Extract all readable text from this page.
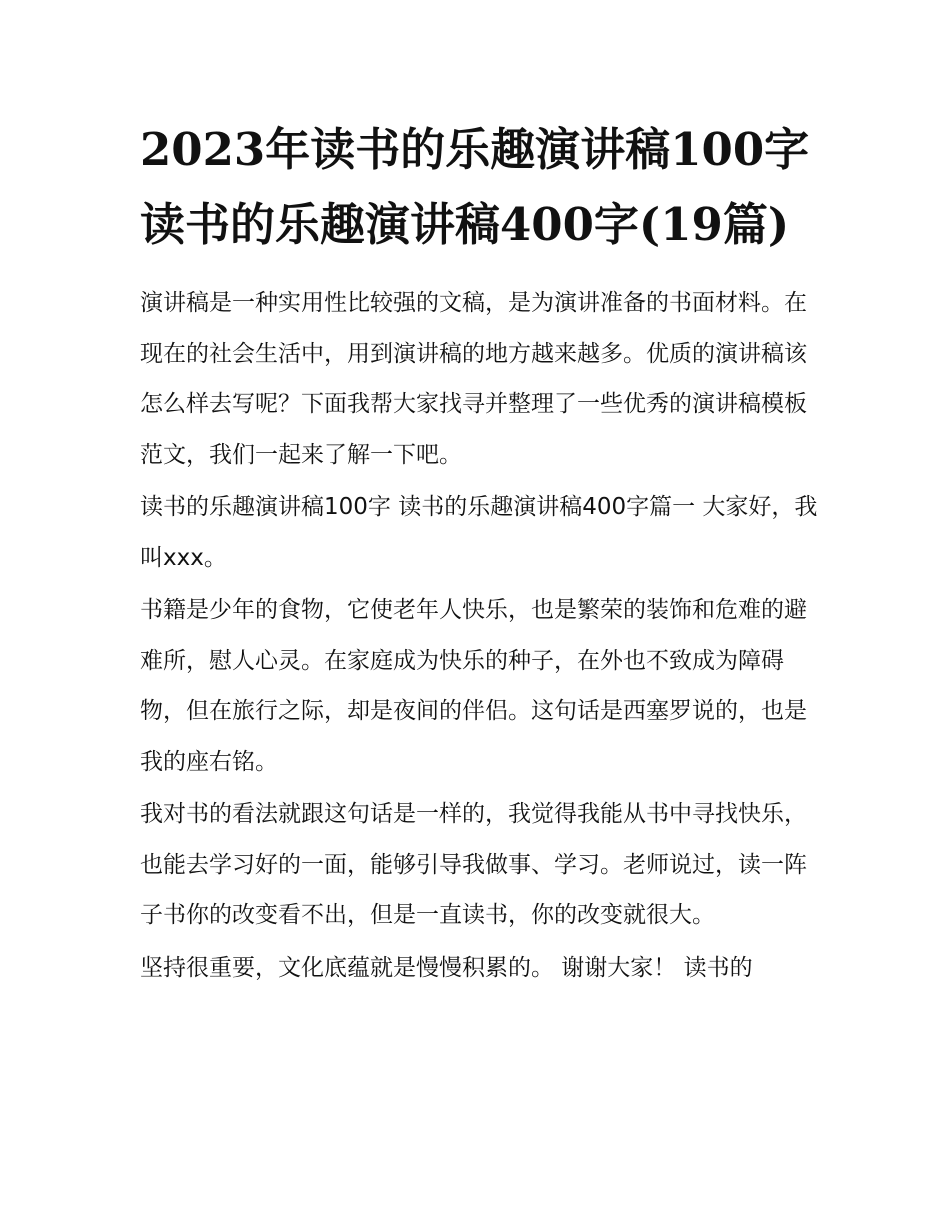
2023年读书的乐趣演讲稿100字 读书的乐趣演讲稿400字(19篇)

演讲稿是一种实用性比较强的文稿，是为演讲准备的书面材料。在现在的社会生活中，用到演讲稿的地方越来越多。优质的演讲稿该怎么样去写呢？下面我帮大家找寻并整理了一些优秀的演讲稿模板范文，我们一起来了解一下吧。

读书的乐趣演讲稿100字 读书的乐趣演讲稿400字篇一 大家好，我叫xxx。

书籍是少年的食物，它使老年人快乐，也是繁荣的装饰和危难的避难所，慰人心灵。在家庭成为快乐的种子，在外也不致成为障碍物，但在旅行之际，却是夜间的伴侣。这句话是西塞罗说的，也是我的座右铭。

我对书的看法就跟这句话是一样的，我觉得我能从书中寻找快乐，也能去学习好的一面，能够引导我做事、学习。老师说过，读一阵子书你的改变看不出，但是一直读书，你的改变就很大。

坚持很重要，文化底蕴就是慢慢积累的。 谢谢大家！ 读书的
